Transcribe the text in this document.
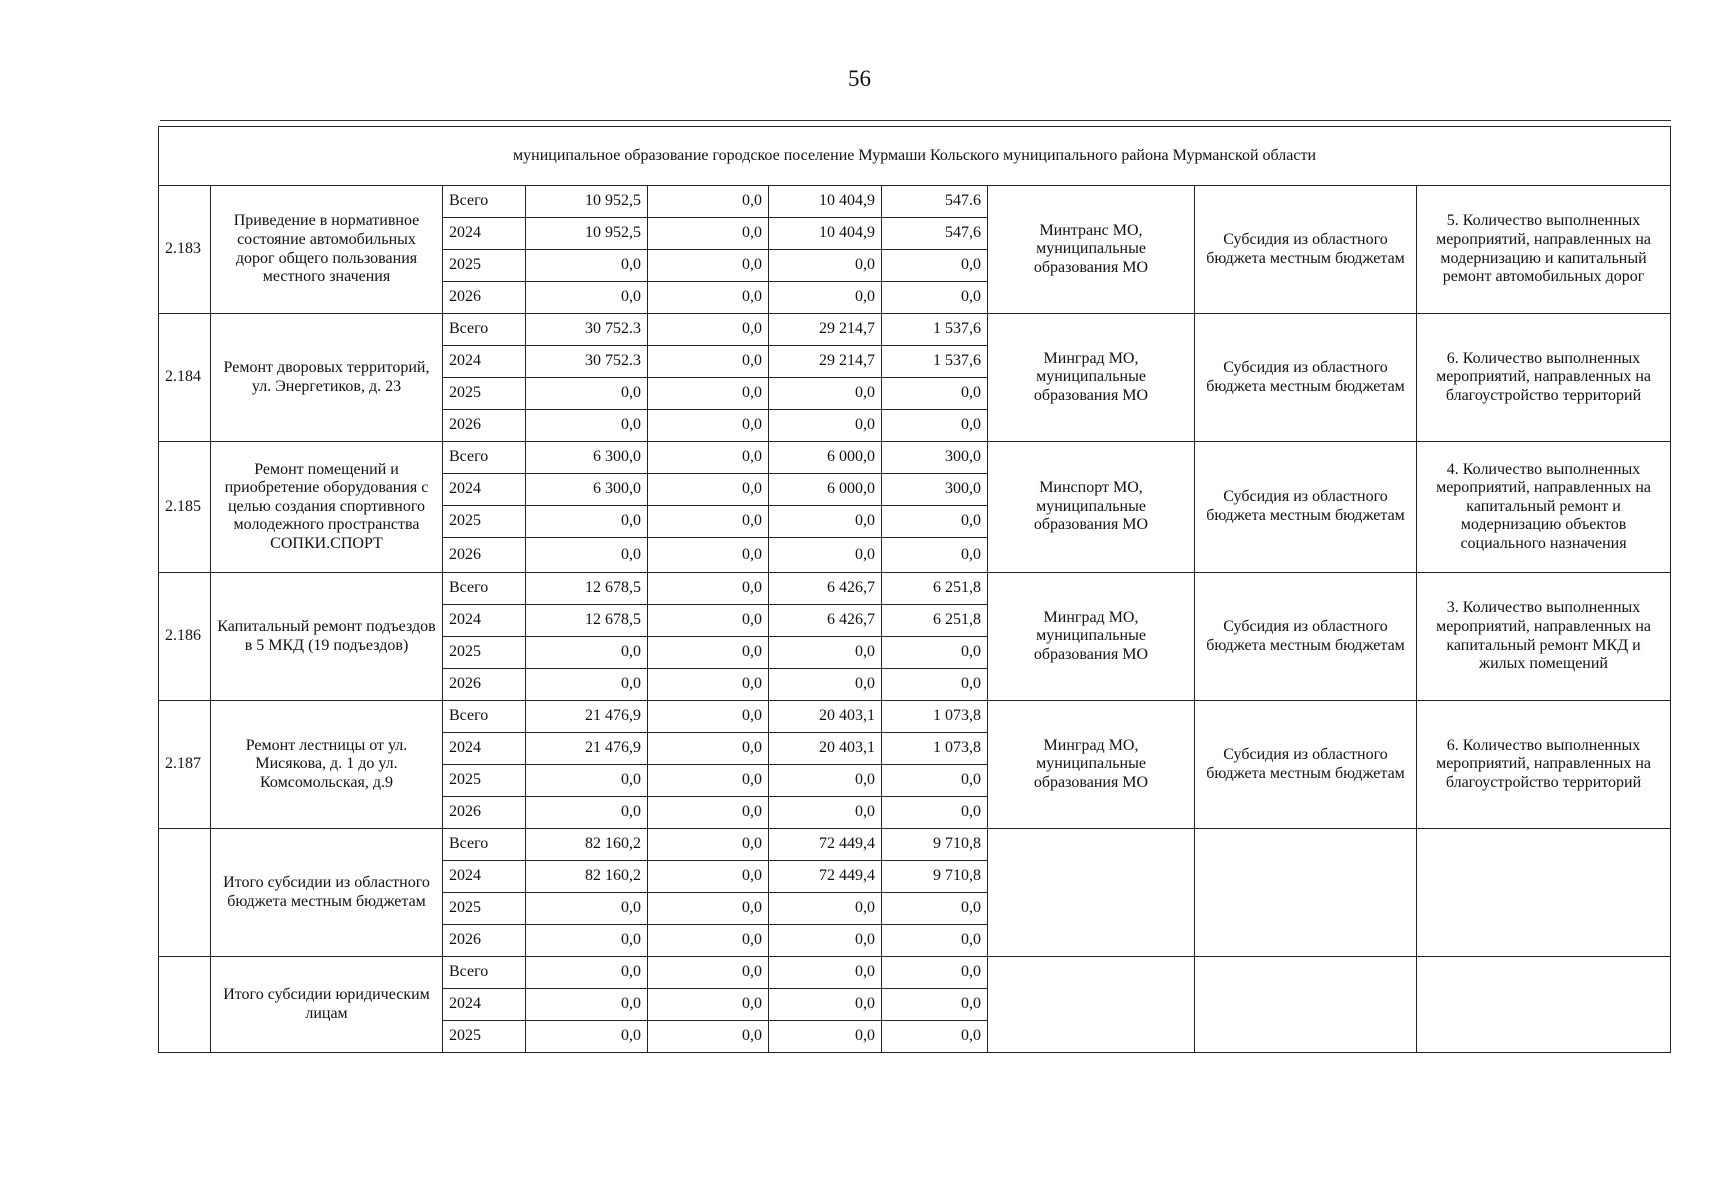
56
муниципальное образование городское поселение Мурмаши Кольского муниципального района Мурманской области									
2.183	Приведение в нормативное состояние автомобильных дорог общего пользования местного значения	Всего	10 952,5	0,0	10 404,9	547.6	Минтранс МО, муниципальные образования МО	Субсидия из областного бюджета местным бюджетам	5. Количество выполненных мероприятий, направленных на модернизацию и капитальный ремонт автомобильных дорог
		2024	10 952,5	0,0	10 404,9	547,6			
		2025	0,0	0,0	0,0	0,0			
		2026	0,0	0,0	0,0	0,0			
2.184	Ремонт дворовых территорий, ул. Энергетиков, д. 23	Всего	30 752.3	0,0	29 214,7	1 537,6	Минград МО, муниципальные образования МО	Субсидия из областного бюджета местным бюджетам	6. Количество выполненных мероприятий, направленных на благоустройство территорий
		2024	30 752.3	0,0	29 214,7	1 537,6			
		2025	0,0	0,0	0,0	0,0			
		2026	0,0	0,0	0,0	0,0			
2.185	Ремонт помещений и приобретение оборудования с целью создания спортивного молодежного пространства СОПКИ.СПОРТ	Всего	6 300,0	0,0	6 000,0	300,0	Минспорт МО, муниципальные образования МО	Субсидия из областного бюджета местным бюджетам	4. Количество выполненных мероприятий, направленных на капитальный ремонт и модернизацию объектов социального назначения
		2024	6 300,0	0,0	6 000,0	300,0			
		2025	0,0	0,0	0,0	0,0			
		2026	0,0	0,0	0,0	0,0			
2.186	Капитальный ремонт подъездов в 5 МКД (19 подъездов)	Всего	12 678,5	0,0	6 426,7	6 251,8	Минград МО, муниципальные образования МО	Субсидия из областного бюджета местным бюджетам	3. Количество выполненных мероприятий, направленных на капитальный ремонт МКД и жилых помещений
		2024	12 678,5	0,0	6 426,7	6 251,8			
		2025	0,0	0,0	0,0	0,0			
		2026	0,0	0,0	0,0	0,0			
2.187	Ремонт лестницы от ул. Мисякова, д. 1 до ул. Комсомольская, д.9	Всего	21 476,9	0,0	20 403,1	1 073,8	Минград МО, муниципальные образования МО	Субсидия из областного бюджета местным бюджетам	6. Количество выполненных мероприятий, направленных на благоустройство территорий
		2024	21 476,9	0,0	20 403,1	1 073,8			
		2025	0,0	0,0	0,0	0,0			
		2026	0,0	0,0	0,0	0,0			
	Итого субсидии из областного бюджета местным бюджетам	Всего	82 160,2	0,0	72 449,4	9 710,8			
		2024	82 160,2	0,0	72 449,4	9 710,8			
		2025	0,0	0,0	0,0	0,0			
		2026	0,0	0,0	0,0	0,0			
	Итого субсидии юридическим лицам	Всего	0,0	0,0	0,0	0,0			
		2024	0,0	0,0	0,0	0,0			
		2025	0,0	0,0	0,0	0,0			
